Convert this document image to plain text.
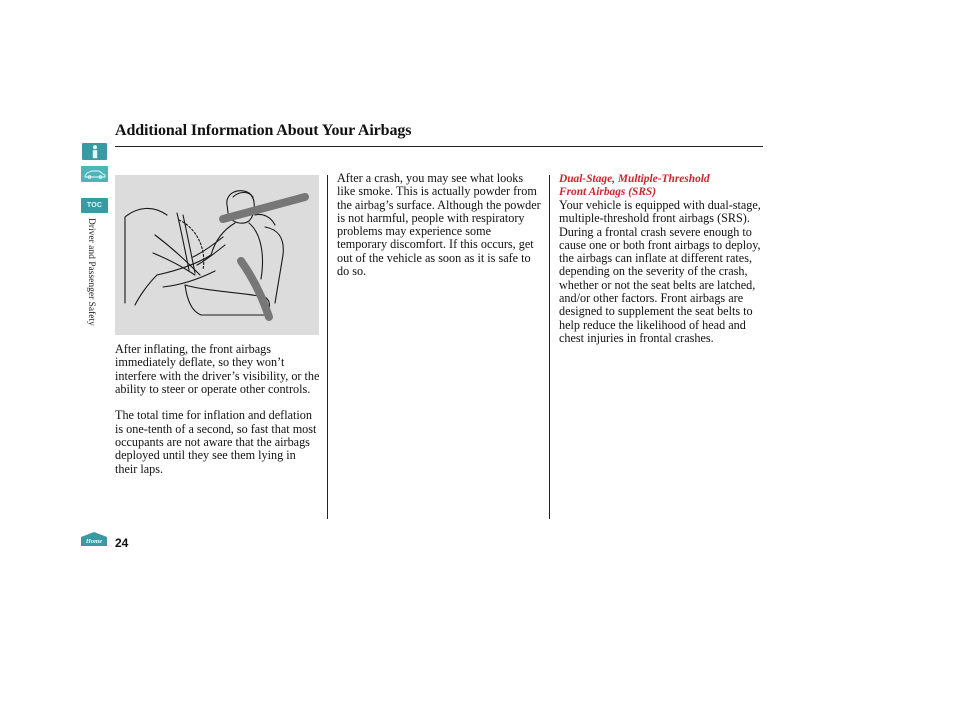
Additional Information About Your Airbags
TOC
Driver and Passenger Safety

After inflating, the front airbags immediately deflate, so they won’t interfere with the driver’s visibility, or the ability to steer or operate other controls.

The total time for inflation and deflation is one-tenth of a second, so fast that most occupants are not aware that the airbags deployed until they see them lying in their laps.

After a crash, you may see what looks like smoke. This is actually powder from the airbag’s surface. Although the powder is not harmful, people with respiratory problems may experience some temporary discomfort. If this occurs, get out of the vehicle as soon as it is safe to do so.

Dual-Stage, Multiple-Threshold
Front Airbags (SRS)

Your vehicle is equipped with dual-stage, multiple-threshold front airbags (SRS). During a frontal crash severe enough to cause one or both front airbags to deploy, the airbags can inflate at different rates, depending on the severity of the crash, whether or not the seat belts are latched, and/or other factors. Front airbags are designed to supplement the seat belts to help reduce the likelihood of head and chest injuries in frontal crashes.

Home 24
